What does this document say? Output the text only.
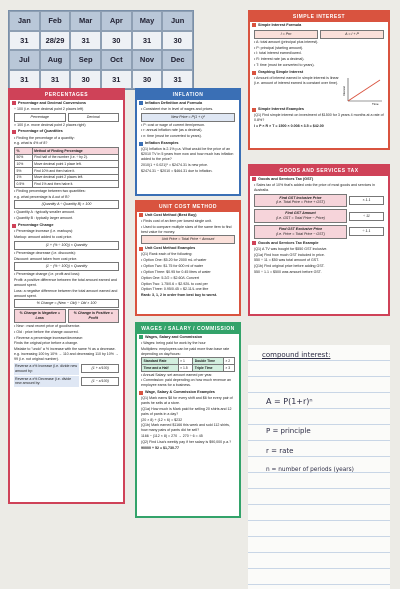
Jan	Feb	Mar	Apr	May	Jun
31	28/29	31	30	31	30
Jul	Aug	Sep	Oct	Nov	Dec
31	31	30	31	30	31
PERCENTAGES
Percentage and Decimal Conversions

÷ 100 (i.e. move decimal point 2 places left)

Percentage	Decimal

× 100 (i.e. move decimal point 2 places right)

Percentage of Quantities

• Finding the percentage of a quantity:

e.g. what is 4% of 8?

%	Method of Finding Percentage
50%	Find half of the number (i.e. ÷ by 2).
10%	Move decimal point 1 place left.
5%	Find 10% and then halve it.
1%	Move decimal point 2 places left.
0.5%	Find 1% and then halve it.

• Finding percentage between two quantities:

e.g. what percentage is A out of B?

(Quantity A ÷ Quantity B) × 100

• Quantity A : typically smaller amount.

• Quantity B : typically larger amount.

Percentage Change

• Percentage increase (i.e. markups):

Markup: amount added to cost price.

(1 + (% ÷ 100)) × Quantity

• Percentage decrease (i.e. discounts):

Discount: amount taken from cost price.

(1 − (% ÷ 100)) × Quantity

• Percentage change (i.e. profit and loss):

Profit: a positive difference between the total amount earned and amount spent.

Loss: a negative difference between the total amount earned and amount spent.

% Change = (New − Old) ÷ Old × 100
% Change is Negative = Loss
% Change is Positive = Profit

• New : most recent price of good/service.

• Old : price before the change occurred.

• Reverse a percentage increase/decrease:

Finds the original price before a change.

Mistake to "undo" a % increase with the same % as a decrease. e.g. increasing 100 by 10% → 110 and decreasing 110 by 10% → 99 (i.e. not original number).

Reverse a x% Increase (i.e. divide new amount by:
(1 + x/100)
Reverse a x% Decrease (i.e. divide new amount by:
(1 − x/100)
INFLATION
Inflation Definition and Formula

• Consistent rise in level of wages and prices.

New Price = P(1 + r)ⁿ

• P: cost or wage of current item/person.

• r: annual inflation rate (as a decimal).

• n: time (must be converted to years).

Inflation Examples

(Q1) Inflation is 2.1% p.a. What would be the price of an $2010 TV in 5 years from now and how much has inflation added to the price?

2010(1 + 0.021)⁵ = $2474.31 is new price.

$2474.31 − $2010 = $464.31 due to inflation.

UNIT COST METHOD
Unit Cost Method (Best Buy)

• Finds cost of an item per lowest single unit.

• Used to compare multiple sizes of the same item to find best value for money.

Unit Price = Total Price ÷ Amount
Unit Cost Method Examples

(Q1) Rank each of the following:

• Option One: $5.20 for 2000 mL of water

• Option Two: $1.75 for 600 ml of water

• Option Three: $0.95 for 0.45 litres of water

Option One: 5.2/2 = $2.60/L Convert

Option Two: 1.75/0.6 = $2.92/L to cost per

Option Three: 0.95/0.45 = $2.11/L one litre

Rank: 3, 1, 2 in order from best buy to worst.

WAGES / SALARY / COMMISSION
Wages, Salary and Commission

• Wages: being paid for work by the hour

Multipliers: employees can be paid more than base rate depending on day/hours:

Standard Rate	× 1	Double Time	× 2
Time and a Half	× 1.5	Triple Time	× 3

• Annual Salary: set amount earned per year.

• Commission: paid depending on how much revenue an employee earns for a business.

Wage, Salary & Commission Examples

(Q1) Mark earns $8 for every shift and $6 for every pair of pants he sells at a store.

(Q1a) How much is Mark paid for selling 20 shirts and 12 pairs of pants in a day?

(20 × 8) + (12 × 6) = $232

(Q1b) Mark earned $1166 this week and sold 112 shirts, how many pairs of pants did he sell?

1166 − (112 × 8) = 270 → 270 ÷ 6 = 45

(Q2) Find Lisa's weekly pay if her salary is $90,000 p.a.?

90000 ÷ 52 = $1,730.77

SIMPLE INTEREST
Simple Interest Formula
I = Prn	A = I + P

• A: total amount (principal plus interest).

• P: principal (starting amount).

• I: total interest earned/owed.

• R: interest rate (as a decimal).

• T: time (must be converted to years).

Graphing Simple Interest
• Amount of interest earned in simple interest is linear (i.e. amount of interest earned is constant over time).
Interest
Time
Simple Interest Examples

(Q1) Find simple interest on investment of $1500 for 3 years 4 months at a rate of 0.8%?

I = P × R × T = 1500 × 0.008 × 3.5 = $42.00

GOODS AND SERVICES TAX
Goods and Services Tax (GST)

• Sales tax of 10% that's added onto the price of most goods and services in Australia.

Find GST Inclusive Price
(i.e. Total Price = Price + GST)
× 1.1
Find GST Amount
(i.e. GST = Total Price − Price)
÷ 11
Find GST Exclusive Price
(i.e. Price = Total Price − GST)
÷ 1.1
Goods and Services Tax Example

(Q1) A TV was bought for $550 GST inclusive.

(Q1a) Find how much GST included in price.

550 ÷ 11 = $50 was total amount of GST.

(Q1b) Find original price before adding GST.

550 ÷ 1.1 = $500 was amount before GST.

compound interest:
A = P(1+r)ⁿ
P = principle
r = rate
n = number of periods (years)
